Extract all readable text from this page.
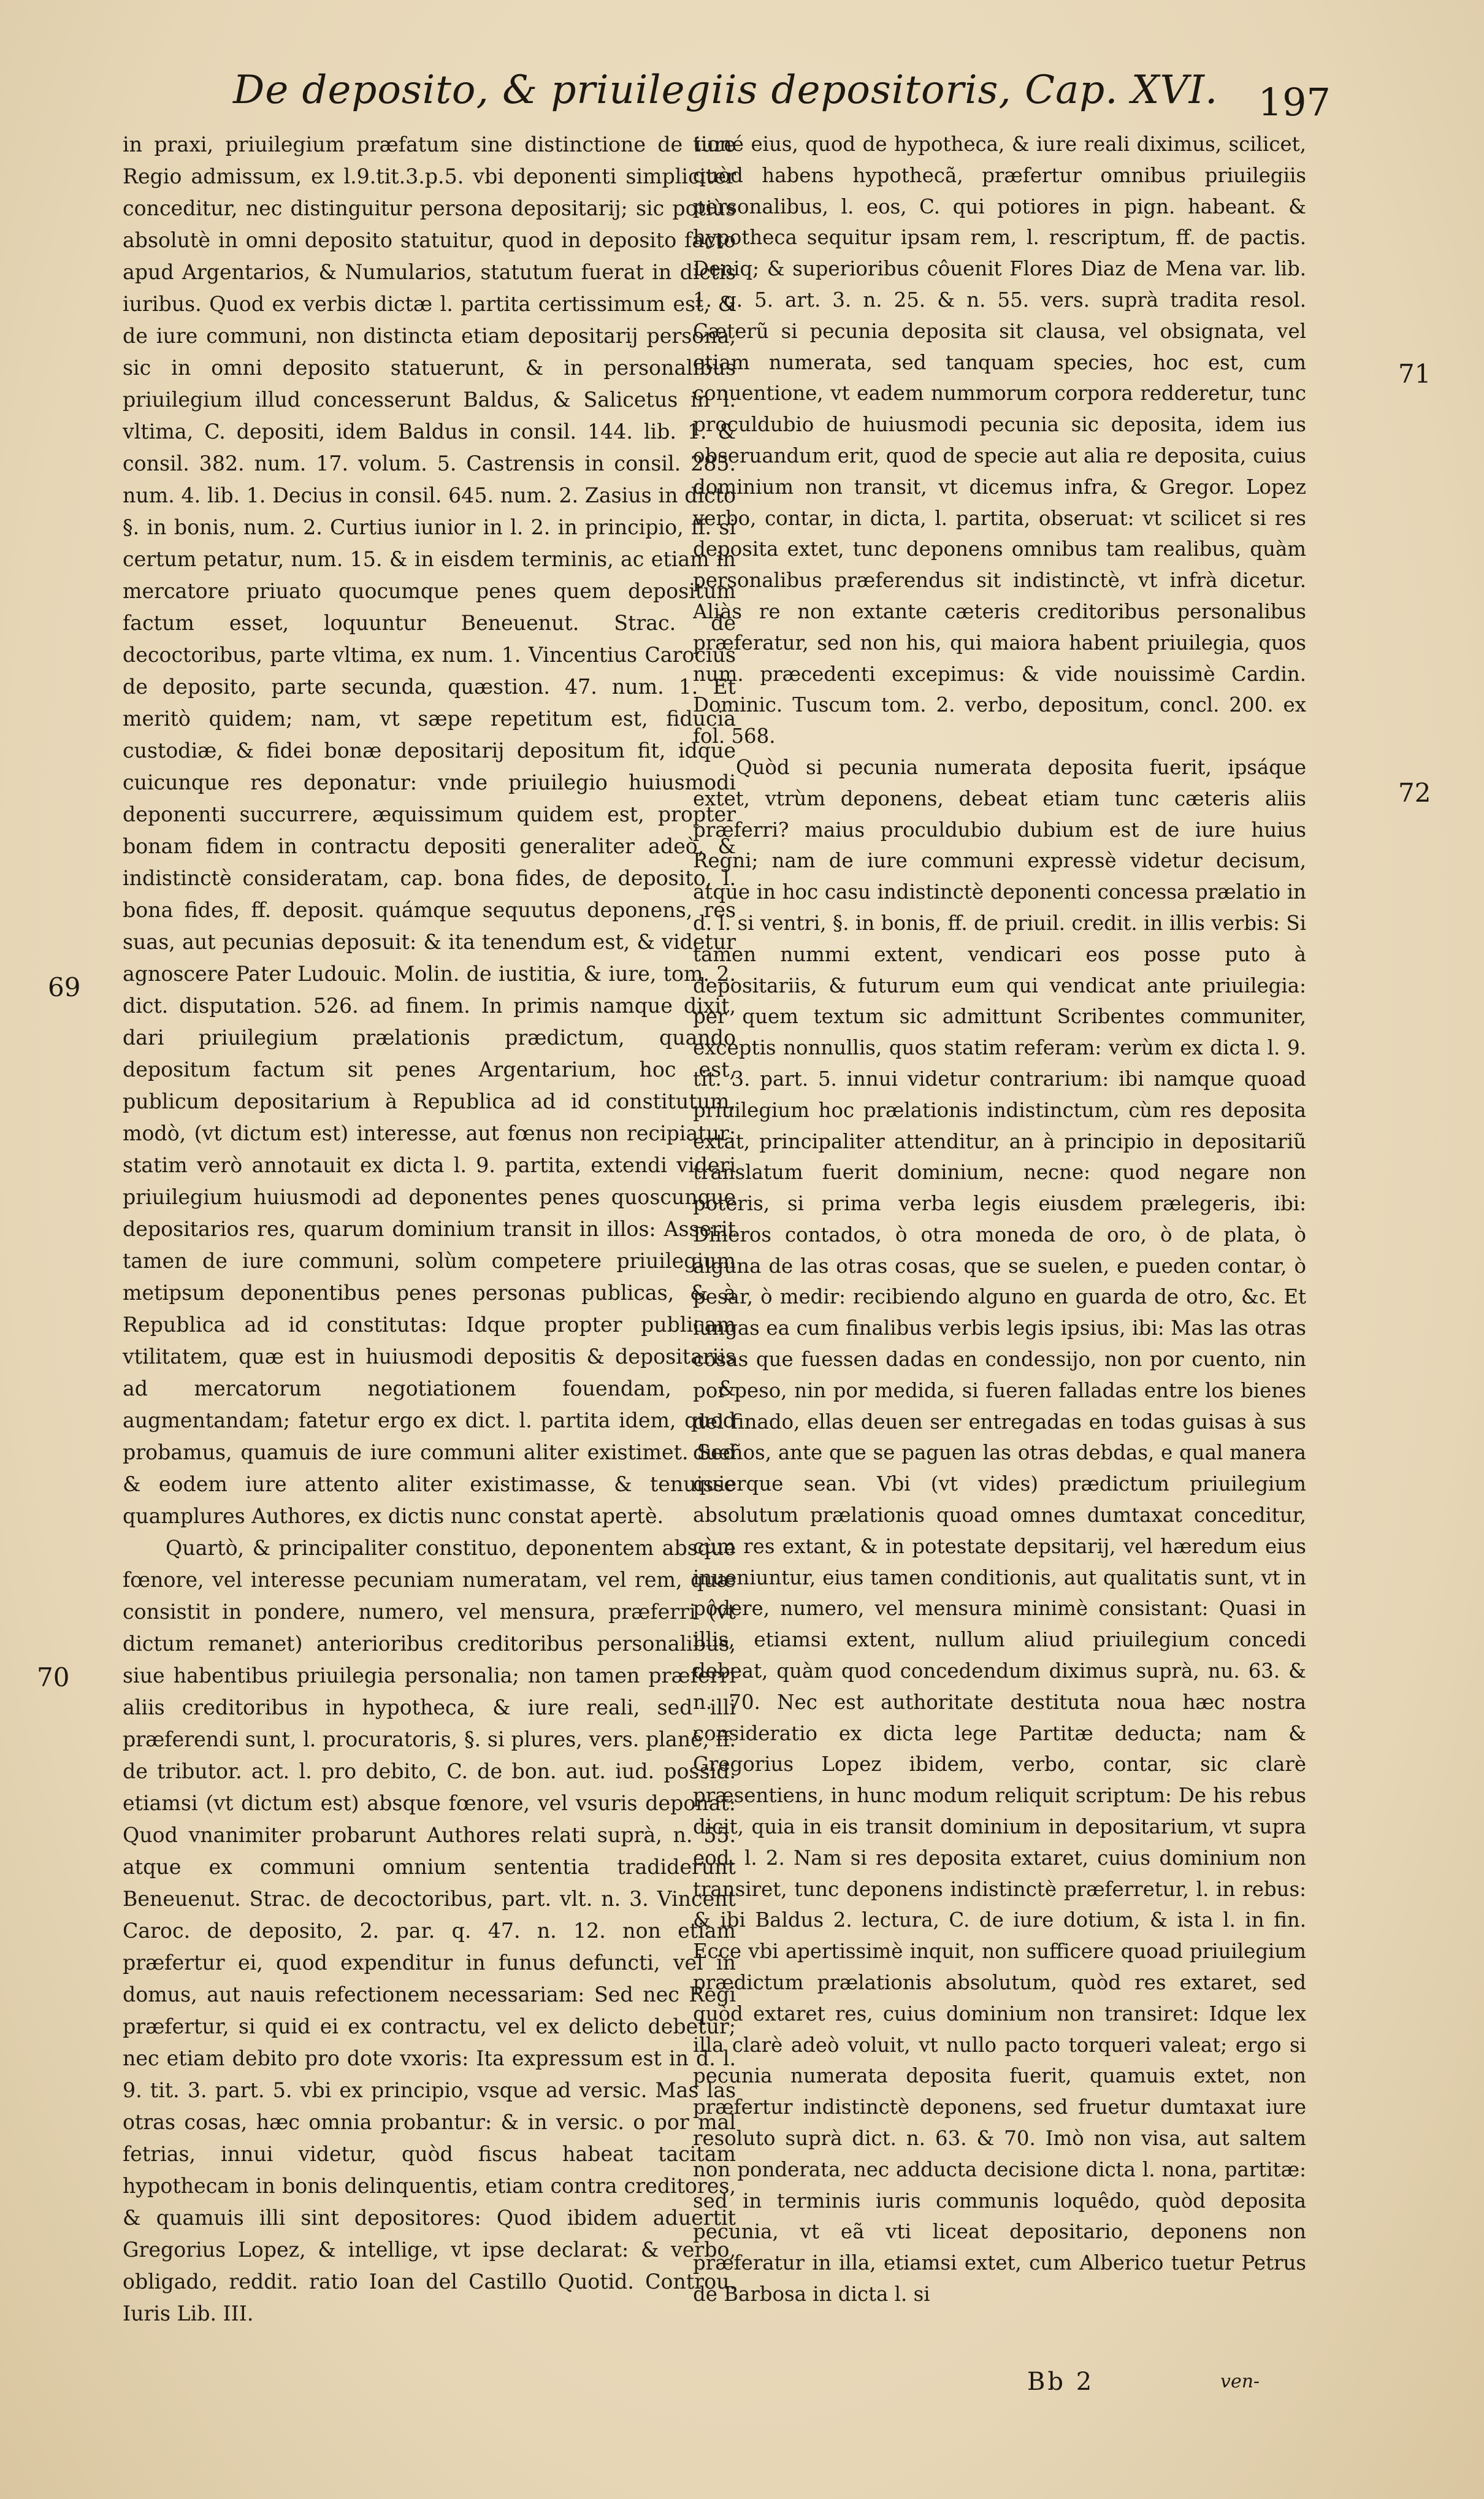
De deposito, & priuilegiis depositoris, Cap. XVI. 197

in praxi, priuilegium præfatum sine distinctione de iure Regio admissum, ex l.9.tit.3.p.5. vbi deponenti simpliciter conceditur, nec distinguitur persona depositarij; sic potiùs absolutè in omni deposito statuitur, quod in deposito facto apud Argentarios, & Numularios, statutum fuerat in dictis iuribus. Quod ex verbis dictæ l. partita certissimum est, & de iure communi, non distincta etiam depositarij persona, sic in omni deposito statuerunt, & in personalibus priuilegium illud concesserunt Baldus, & Salicetus in l. vltima, C. depositi, idem Baldus in consil. 144. lib. 1. & consil. 382. num. 17. volum. 5. Castrensis in consil. 285. num. 4. lib. 1. Decius in consil. 645. num. 2. Zasius in dicto §. in bonis, num. 2. Curtius iunior in l. 2. in principio, ff. si certum petatur, num. 15. & in eisdem terminis, ac etiam in mercatore priuato quocumque penes quem depositum factum esset, loquuntur Beneuenut. Strac. de decoctoribus, parte vltima, ex num. 1. Vincentius Carocius de deposito, parte secunda, quæstion. 47. num. 1. Et meritò quidem; nam, vt sæpe repetitum est, fiducia custodiæ, & fidei bonæ depositarij depositum fit, idque cuicunque res deponatur: vnde priuilegio huiusmodi deponenti succurrere, æquissimum quidem est, propter bonam fidem in contractu depositi generaliter adeò, & indistinctè consideratam, cap. bona fides, de deposito, l. bona fides, ff. deposit. quámque sequutus deponens, res suas, aut pecunias deposuit: & ita tenendum est, & videtur agnoscere Pater Ludouic. Molin. de iustitia, & iure, tom. 2. dict. disputation. 526. ad finem. In primis namque dixit, dari priuilegium prælationis prædictum, quando depositum factum sit penes Argentarium, hoc est, publicum depositarium à Republica ad id constitutum, modò, (vt dictum est) interesse, aut fœnus non recipiatur; statim verò annotauit ex dicta l. 9. partita, extendi videri priuilegium huiusmodi ad deponentes penes quoscunque depositarios res, quarum dominium transit in illos: Asserit tamen de iure communi, solùm competere priuilegium metipsum deponentibus penes personas publicas, & à Republica ad id constitutas: Idque propter publicam vtilitatem, quæ est in huiusmodi depositis & depositariis ad mercatorum negotiationem fouendam, & augmentandam; fatetur ergo ex dict. l. partita idem, quod probamus, quamuis de iure communi aliter existimet. Sed & eodem iure attento aliter existimasse, & tenuisse quamplures Authores, ex dictis nunc constat apertè.

Quartò, & principaliter constituo, deponentem absque fœnore, vel interesse pecuniam numeratam, vel rem, quæ consistit in pondere, numero, vel mensura, præferri (vt dictum remanet) anterioribus creditoribus personalibus, siue habentibus priuilegia personalia; non tamen præferri aliis creditoribus in hypotheca, & iure reali, sed illi præferendi sunt, l. procuratoris, §. si plures, vers. planè, ff. de tributor. act. l. pro debito, C. de bon. aut. iud. possid. etiamsi (vt dictum est) absque fœnore, vel vsuris deponat: Quod vnanimiter probarunt Authores relati suprà, n. 55. atque ex communi omnium sententia tradiderunt Beneuenut. Strac. de decoctoribus, part. vlt. n. 3. Vincent Caroc. de deposito, 2. par. q. 47. n. 12. non etiam præfertur ei, quod expenditur in funus defuncti, vel in domus, aut nauis refectionem necessariam: Sed nec Regi præfertur, si quid ei ex contractu, vel ex delicto debetur; nec etiam debito pro dote vxoris: Ita expressum est in d. l. 9. tit. 3. part. 5. vbi ex principio, vsque ad versic. Mas las otras cosas, hæc omnia probantur: & in versic. o por mal fetrias, innui videtur, quòd fiscus habeat tacitam hypothecam in bonis delinquentis, etiam contra creditores, & quamuis illi sint depositores: Quod ibidem aduertit Gregorius Lopez, & intellige, vt ipse declarat: & verbo, obligado, reddit. ratio Ioan del Castillo Quotid. Controu. Iuris Lib. III.

tioné eius, quod de hypotheca, & iure reali diximus, scilicet, quòd habens hypothecã, præfertur omnibus priuilegiis personalibus, l. eos, C. qui potiores in pign. habeant. & hypotheca sequitur ipsam rem, l. rescriptum, ff. de pactis. Deniq; & superioribus côuenit Flores Diaz de Mena var. lib. 1. q. 5. art. 3. n. 25. & n. 55. vers. suprà tradita resol. Cæterũ si pecunia deposita sit clausa, vel obsignata, vel etiam numerata, sed tanquam species, hoc est, cum conuentione, vt eadem nummorum corpora redderetur, tunc proculdubio de huiusmodi pecunia sic deposita, idem ius obseruandum erit, quod de specie aut alia re deposita, cuius dominium non transit, vt dicemus infra, & Gregor. Lopez verbo, contar, in dicta, l. partita, obseruat: vt scilicet si res deposita extet, tunc deponens omnibus tam realibus, quàm personalibus præferendus sit indistinctè, vt infrà dicetur. Aliàs re non extante cæteris creditoribus personalibus præferatur, sed non his, qui maiora habent priuilegia, quos num. præcedenti excepimus: & vide nouissimè Cardin. Dominic. Tuscum tom. 2. verbo, depositum, concl. 200. ex fol. 568.

Quòd si pecunia numerata deposita fuerit, ipsáque extet, vtrùm deponens, debeat etiam tunc cæteris aliis præferri? maius proculdubio dubium est de iure huius Regni; nam de iure communi expressè videtur decisum, atque in hoc casu indistinctè deponenti concessa prælatio in d. l. si ventri, §. in bonis, ff. de priuil. credit. in illis verbis: Si tamen nummi extent, vendicari eos posse puto à depositariis, & futurum eum qui vendicat ante priuilegia: per quem textum sic admittunt Scribentes communiter, exceptis nonnullis, quos statim referam: verùm ex dicta l. 9. tit. 3. part. 5. innui videtur contrarium: ibi namque quoad priuilegium hoc prælationis indistinctum, cùm res deposita extat, principaliter attenditur, an à principio in depositariũ translatum fuerit dominium, necne: quod negare non poteris, si prima verba legis eiusdem prælegeris, ibi: Dineros contados, ò otra moneda de oro, ò de plata, ò alguna de las otras cosas, que se suelen, e pueden contar, ò pesar, ò medir: recibiendo alguno en guarda de otro, &c. Et iungas ea cum finalibus verbis legis ipsius, ibi: Mas las otras cosas que fuessen dadas en condessijo, non por cuento, nin por peso, nin por medida, si fueren falladas entre los bienes del finado, ellas deuen ser entregadas en todas guisas à sus dueños, ante que se paguen las otras debdas, e qual manera quierque sean. Vbi (vt vides) prædictum priuilegium absolutum prælationis quoad omnes dumtaxat conceditur, cùm res extant, & in potestate depsitarij, vel hæredum eius inueniuntur, eius tamen conditionis, aut qualitatis sunt, vt in pôdere, numero, vel mensura minimè consistant: Quasi in illis, etiamsi extent, nullum aliud priuilegium concedi debeat, quàm quod concedendum diximus suprà, nu. 63. & n. 70. Nec est authoritate destituta noua hæc nostra consideratio ex dicta lege Partitæ deducta; nam & Gregorius Lopez ibidem, verbo, contar, sic clarè præsentiens, in hunc modum reliquit scriptum: De his rebus dicit, quia in eis transit dominium in depositarium, vt supra eod. l. 2. Nam si res deposita extaret, cuius dominium non transiret, tunc deponens indistinctè præferretur, l. in rebus: & ibi Baldus 2. lectura, C. de iure dotium, & ista l. in fin. Ecce vbi apertissimè inquit, non sufficere quoad priuilegium prædictum prælationis absolutum, quòd res extaret, sed quòd extaret res, cuius dominium non transiret: Idque lex illa clarè adeò voluit, vt nullo pacto torqueri valeat; ergo si pecunia numerata deposita fuerit, quamuis extet, non præfertur indistinctè deponens, sed fruetur dumtaxat iure resoluto suprà dict. n. 63. & 70. Imò non visa, aut saltem non ponderata, nec adducta decisione dicta l. nona, partitæ: sed in terminis iuris communis loquêdo, quòd deposita pecunia, vt eã vti liceat depositario, deponens non præferatur in illa, etiamsi extet, cum Alberico tuetur Petrus de Barbosa in dicta l. si

69
70
71
72
Bb 2	ven-
